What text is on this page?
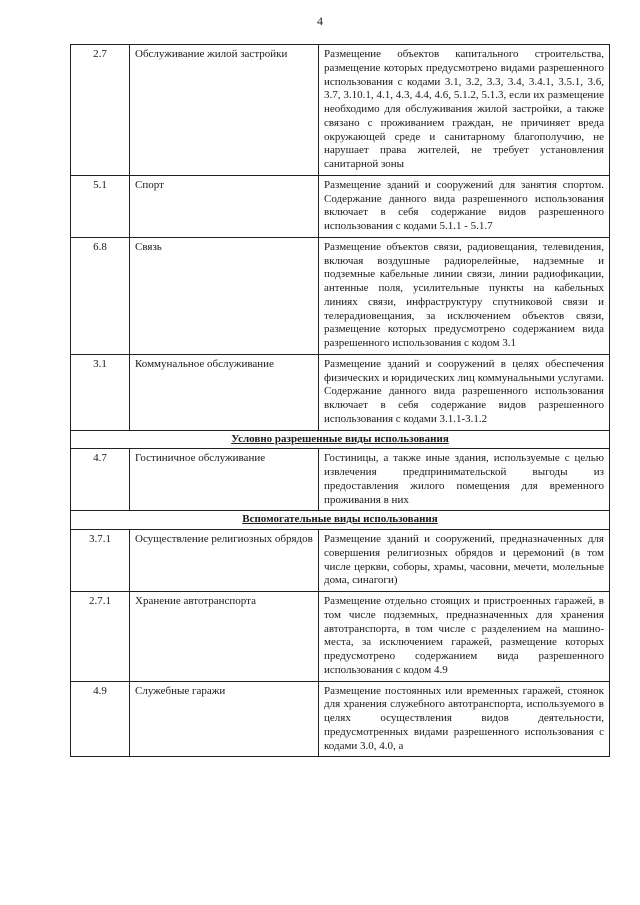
4
2.7	Обслуживание жилой застройки	Размещение объектов капитального строительства, размещение которых предусмотрено видами разрешенного использования с кодами 3.1, 3.2, 3.3, 3.4, 3.4.1, 3.5.1, 3.6, 3.7, 3.10.1, 4.1, 4.3, 4.4, 4.6, 5.1.2, 5.1.3, если их размещение необходимо для обслуживания жилой застройки, а также связано с проживанием граждан, не причиняет вреда окружающей среде и санитарному благополучию, не нарушает права жителей, не требует установления санитарной зоны
5.1	Спорт	Размещение зданий и сооружений для занятия спортом. Содержание данного вида разрешенного использования включает в себя содержание видов разрешенного использования с кодами 5.1.1 - 5.1.7
6.8	Связь	Размещение объектов связи, радиовещания, телевидения, включая воздушные радиорелейные, надземные и подземные кабельные линии связи, линии радиофикации, антенные поля, усилительные пункты на кабельных линиях связи, инфраструктуру спутниковой связи и телерадиовещания, за исключением объектов связи, размещение которых предусмотрено содержанием вида разрешенного использования с кодом 3.1
3.1	Коммунальное обслуживание	Размещение зданий и сооружений в целях обеспечения физических и юридических лиц коммунальными услугами. Содержание данного вида разрешенного использования включает в себя содержание видов разрешенного использования с кодами 3.1.1-3.1.2
Условно разрешенные виды использования		
4.7	Гостиничное обслуживание	Гостиницы, а также иные здания, используемые с целью извлечения предпринимательской выгоды из предоставления жилого помещения для временного проживания в них
Вспомогательные виды использования		
3.7.1	Осуществление религиозных обрядов	Размещение зданий и сооружений, предназначенных для совершения религиозных обрядов и церемоний (в том числе церкви, соборы, храмы, часовни, мечети, молельные дома, синагоги)
2.7.1	Хранение автотранспорта	Размещение отдельно стоящих и пристроенных гаражей, в том числе подземных, предназначенных для хранения автотранспорта, в том числе с разделением на машино-места, за исключением гаражей, размещение которых предусмотрено содержанием вида разрешенного использования с кодом 4.9
4.9	Служебные гаражи	Размещение постоянных или временных гаражей, стоянок для хранения служебного автотранспорта, используемого в целях осуществления видов деятельности, предусмотренных видами разрешенного использования с кодами 3.0, 4.0, а
